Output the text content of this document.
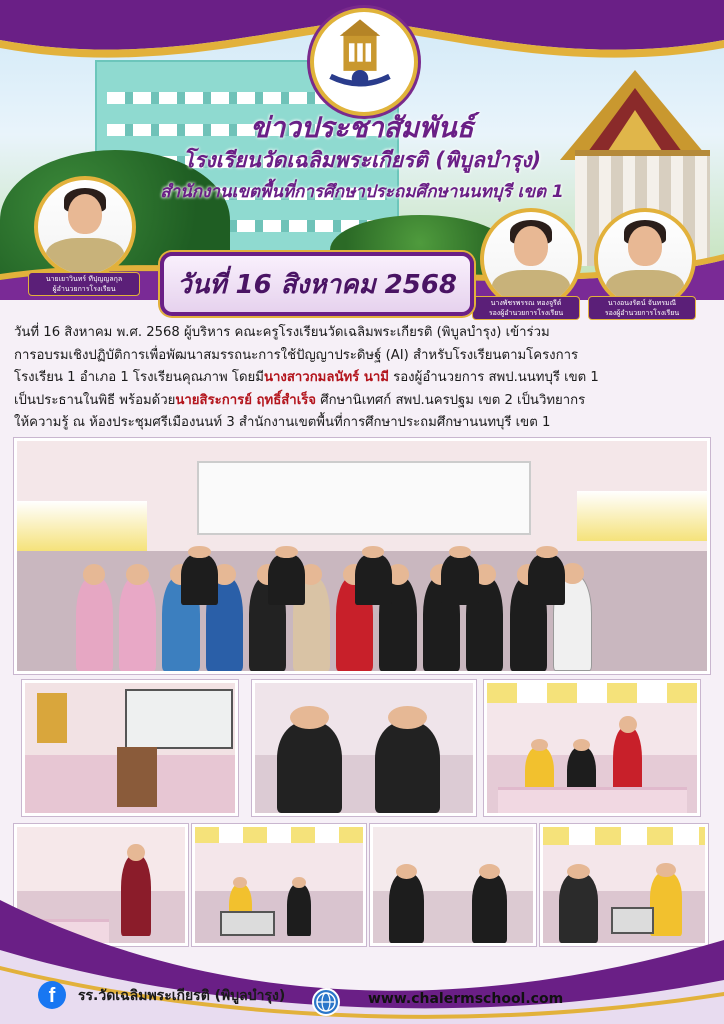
ข่าวประชาสัมพันธ์
โรงเรียนวัดเฉลิมพระเกียรติ (พิบูลบำรุง)
สำนักงานเขตพื้นที่การศึกษาประถมศึกษานนทบุรี เขต 1
นายเยาวินทร์ ทีปุญญลกุล
ผู้อำนวยการโรงเรียน
นางพัชรพรรณ ทองจูรีด์
รองผู้อำนวยการโรงเรียน
นางอนงรัตน์ จันทรมณี
รองผู้อำนวยการโรงเรียน
วันที่ 16 สิงหาคม 2568

วันที่ 16 สิงหาคม พ.ศ. 2568 ผู้บริหาร คณะครูโรงเรียนวัดเฉลิมพระเกียรติ (พิบูลบำรุง) เข้าร่วม

การอบรมเชิงปฏิบัติการเพื่อพัฒนาสมรรถนะการใช้ปัญญาประดิษฐ์ (AI) สำหรับโรงเรียนตามโครงการ

โรงเรียน 1 อำเภอ 1 โรงเรียนคุณภาพ โดยมีนางสาวกมลนัทร์ นามี รองผู้อำนวยการ สพป.นนทบุรี เขต 1

เป็นประธานในพิธี พร้อมด้วยนายสิระการย์ ฤทธิ์สำเร็จ ศึกษานิเทศก์ สพป.นครปฐม เขต 2 เป็นวิทยากร

ให้ความรู้ ณ ห้องประชุมศรีเมืองนนท์ 3 สำนักงานเขตพื้นที่การศึกษาประถมศึกษานนทบุรี เขต 1

f	รร.วัดเฉลิมพระเกียรติ (พิบูลบำรุง)	www.chalermschool.com
